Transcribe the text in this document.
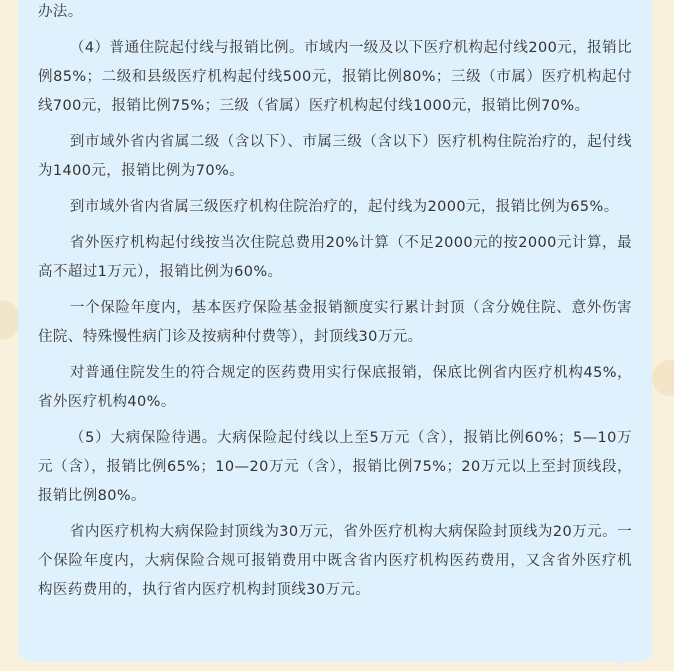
办法。

（4）普通住院起付线与报销比例。市域内一级及以下医疗机构起付线200元，报销比例85%；二级和县级医疗机构起付线500元，报销比例80%；三级（市属）医疗机构起付线700元，报销比例75%；三级（省属）医疗机构起付线1000元，报销比例70%。

到市域外省内省属二级（含以下）、市属三级（含以下）医疗机构住院治疗的，起付线为1400元，报销比例为70%。

到市域外省内省属三级医疗机构住院治疗的，起付线为2000元，报销比例为65%。

省外医疗机构起付线按当次住院总费用20%计算（不足2000元的按2000元计算，最高不超过1万元），报销比例为60%。

一个保险年度内，基本医疗保险基金报销额度实行累计封顶（含分娩住院、意外伤害住院、特殊慢性病门诊及按病种付费等），封顶线30万元。

对普通住院发生的符合规定的医药费用实行保底报销，保底比例省内医疗机构45%，省外医疗机构40%。

（5）大病保险待遇。大病保险起付线以上至5万元（含），报销比例60%；5—10万元（含），报销比例65%；10—20万元（含），报销比例75%；20万元以上至封顶线段，报销比例80%。

省内医疗机构大病保险封顶线为30万元，省外医疗机构大病保险封顶线为20万元。一个保险年度内，大病保险合规可报销费用中既含省内医疗机构医药费用，又含省外医疗机构医药费用的，执行省内医疗机构封顶线30万元。
